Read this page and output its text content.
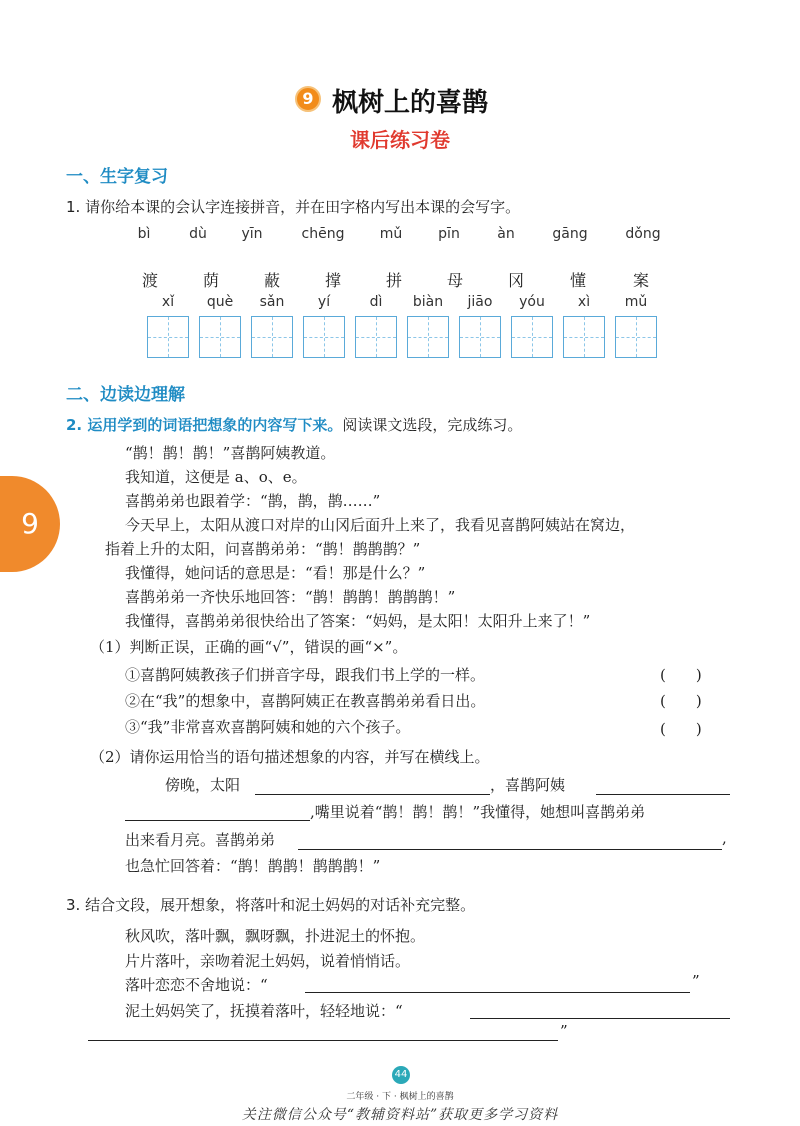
9 枫树上的喜鹊
课后练习卷
9
一、生字复习
1. 请你给本课的会认字连接拼音，并在田字格内写出本课的会写字。
bì	dù	yīn	chēng	mǔ	pīn	àn	gāng	dǒng
渡	荫	蔽	撑	拼	母	冈	懂	案
xǐ	què	sǎn	yí	dì	biàn	jiāo	yóu	xì	mǔ
二、边读边理解
2. 运用学到的词语把想象的内容写下来。阅读课文选段，完成练习。
“鹊！鹊！鹊！”喜鹊阿姨教道。
我知道，这便是 a、o、e。
喜鹊弟弟也跟着学：“鹊，鹊，鹊……”
今天早上，太阳从渡口对岸的山冈后面升上来了，我看见喜鹊阿姨站在窝边，
指着上升的太阳，问喜鹊弟弟：“鹊！鹊鹊鹊？”
我懂得，她问话的意思是：“看！那是什么？”
喜鹊弟弟一齐快乐地回答：“鹊！鹊鹊！鹊鹊鹊！”
我懂得，喜鹊弟弟很快给出了答案：“妈妈，是太阳！太阳升上来了！”
（1）判断正误，正确的画“√”，错误的画“×”。
①喜鹊阿姨教孩子们拼音字母，跟我们书上学的一样。	(　　)
②在“我”的想象中，喜鹊阿姨正在教喜鹊弟弟看日出。	(　　)
③“我”非常喜欢喜鹊阿姨和她的六个孩子。	(　　)
（2）请你运用恰当的语句描述想象的内容，并写在横线上。
傍晚，太阳	，喜鹊阿姨
,嘴里说着“鹊！鹊！鹊！”我懂得，她想叫喜鹊弟弟
出来看月亮。喜鹊弟弟	,
也急忙回答着：“鹊！鹊鹊！鹊鹊鹊！”
3. 结合文段，展开想象，将落叶和泥土妈妈的对话补充完整。
秋风吹，落叶飘，飘呀飘，扑进泥土的怀抱。
片片落叶，亲吻着泥土妈妈，说着悄悄话。
落叶恋恋不舍地说：“	”
泥土妈妈笑了，抚摸着落叶，轻轻地说：“
”
44
二年级 · 下 · 枫树上的喜鹊
关注微信公众号“教辅资料站”获取更多学习资料
